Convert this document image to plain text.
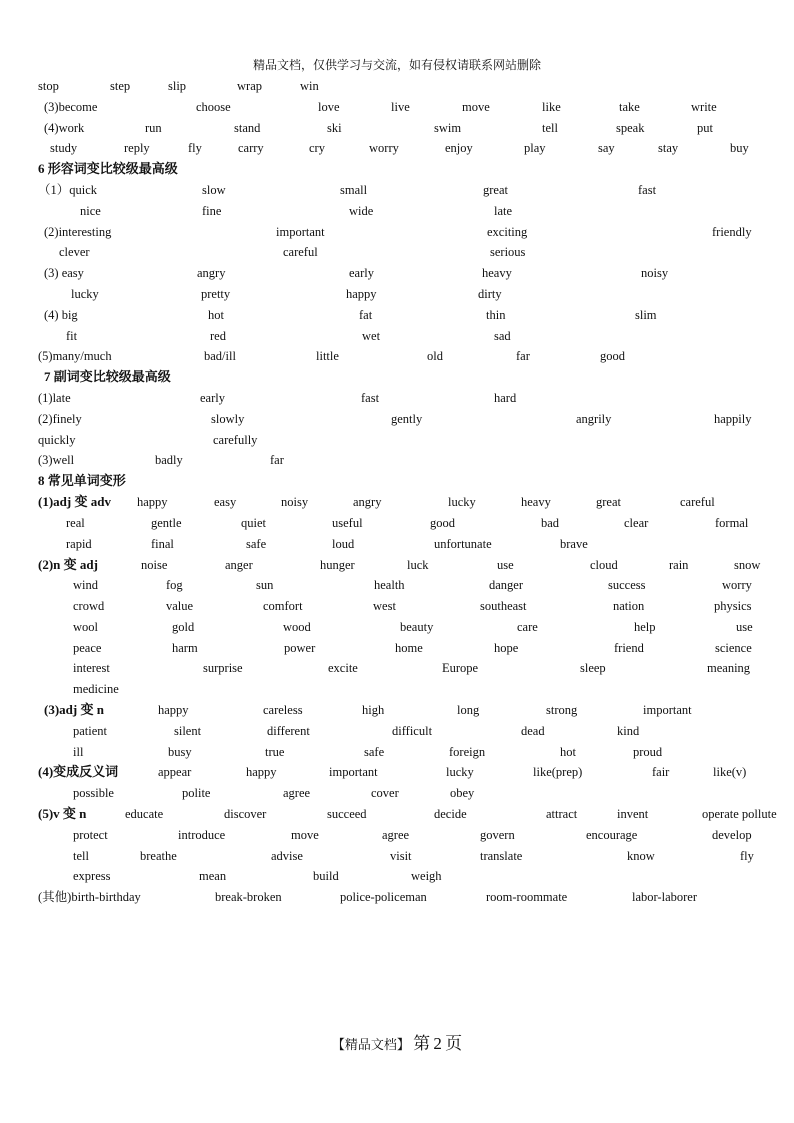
精品文档，仅供学习与交流，如有侵权请联系网站删除
stop	step	slip	wrap	win
(3)become	choose	love	live	move	like	take	write
(4)work	run	stand	ski	swim	tell	speak	put
study	reply	fly	carry	cry	worry	enjoy	play	say	stay	buy
6 形容词变比较级最高级
（1）quick	slow	small	great	fast
nice	fine	wide	late
(2)interesting	important	exciting	friendly
clever	careful	serious
(3) easy	angry	early	heavy	noisy
lucky	pretty	happy	dirty
(4) big	hot	fat	thin	slim
fit	red	wet	sad
(5)many/much	bad/ill	little	old	far	good
7 副词变比较级最高级
(1)late	early	fast	hard
(2)finely	slowly	gently	angrily	happily
quickly	carefully
(3)well	badly	far
8 常见单词变形
(1)adj 变 adv happy	easy	noisy	angry	lucky	heavy	great	careful
real	gentle	quiet	useful	good	bad	clear	formal
rapid	final	safe	loud	unfortunate	brave
(2)n 变 adj	noise	anger	hunger	luck	use	cloud	rain	snow
wind	fog	sun	health	danger	success	worry
crowd	value	comfort	west	southeast	nation	physics
wool	gold	wood	beauty	care	help	use
peace	harm	power	home	hope	friend	science
interest	surprise	excite	Europe	sleep	meaning
medicine
(3)adj 变 n	happy	careless	high	long	strong	important
patient	silent	different	difficult	dead	kind
ill	busy	true	safe	foreign	hot	proud
(4)变成反义词	appear	happy	important	lucky	like(prep)	fair	like(v)
possible	polite	agree	cover	obey
(5)v 变 n	educate	discover	succeed	decide	attract	invent	operate pollute
protect	introduce	move	agree	govern	encourage	develop
tell	breathe	advise	visit	translate	know	fly
express	mean	build	weigh
(其他)birth-birthday	break-broken	police-policeman	room-roommate	labor-laborer
【精品文档】 第 2 页
